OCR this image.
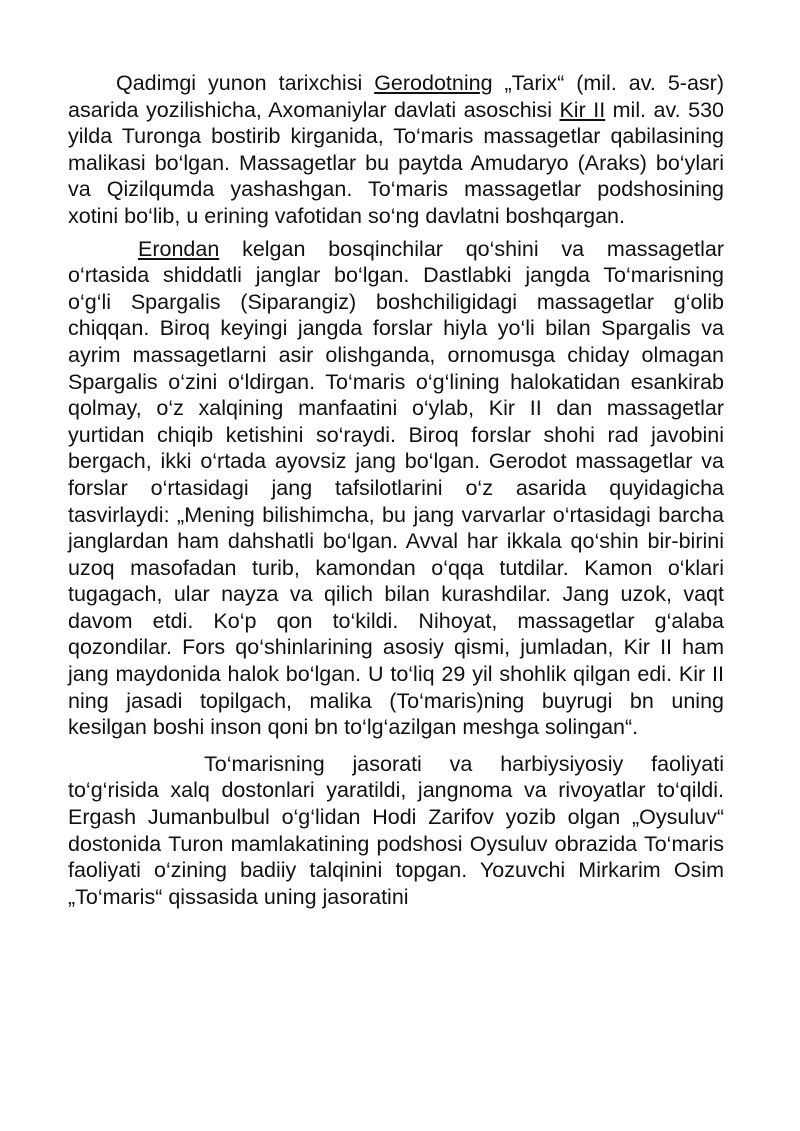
Qadimgi yunon tarixchisi Gerodotning „Tarix“ (mil. av. 5-asr) asarida yozilishicha, Axomaniylar davlati asoschisi Kir II mil. av. 530 yilda Turonga bostirib kirganida, To‘maris massagetlar qabilasining malikasi bo‘lgan. Massagetlar bu paytda Amudaryo (Araks) bo‘ylari va Qizilqumda yashashgan. To‘maris massagetlar podshosining xotini bo‘lib, u erining vafotidan so‘ng davlatni boshqargan.

Erondan kelgan bosqinchilar qo‘shini va massagetlar o‘rtasida shiddatli janglar bo‘lgan. Dastlabki jangda To‘marisning o‘g‘li Spargalis (Siparangiz) boshchiligidagi massagetlar g‘olib chiqqan. Biroq keyingi jangda forslar hiyla yo‘li bilan Spargalis va ayrim massagetlarni asir olishganda, ornomusga chiday olmagan Spargalis o‘zini o‘ldirgan. To‘maris o‘g‘lining halokatidan esankirab qolmay, o‘z xalqining manfaatini o‘ylab, Kir II dan massagetlar yurtidan chiqib ketishini so‘raydi. Biroq forslar shohi rad javobini bergach, ikki o‘rtada ayovsiz jang bo‘lgan. Gerodot massagetlar va forslar o‘rtasidagi jang tafsilotlarini o‘z asarida quyidagicha tasvirlaydi: „Mening bilishimcha, bu jang varvarlar o‘rtasidagi barcha janglardan ham dahshatli bo‘lgan. Avval har ikkala qo‘shin bir-birini uzoq masofadan turib, kamondan o‘qqa tutdilar. Kamon o‘klari tugagach, ular nayza va qilich bilan kurashdilar. Jang uzok, vaqt davom etdi. Ko‘p qon to‘kildi. Nihoyat, massagetlar g‘alaba qozondilar. Fors qo‘shinlarining asosiy qismi, jumladan, Kir II ham jang maydonida halok bo‘lgan. U to‘liq 29 yil shohlik qilgan edi. Kir II ning jasadi topilgach, malika (To‘maris)ning buyrugi bn uning kesilgan boshi inson qoni bn to‘lg‘azilgan meshga solingan“.

To‘marisning jasorati va harbiysiyosiy faoliyati to‘g‘risida xalq dostonlari yaratildi, jangnoma va rivoyatlar to‘qildi. Ergash Jumanbulbul o‘g‘lidan Hodi Zarifov yozib olgan „Oysuluv“ dostonida Turon mamlakatining podshosi Oysuluv obrazida To‘maris faoliyati o‘zining badiiy talqinini topgan. Yozuvchi Mirkarim Osim „To‘maris“ qissasida uning jasoratini
